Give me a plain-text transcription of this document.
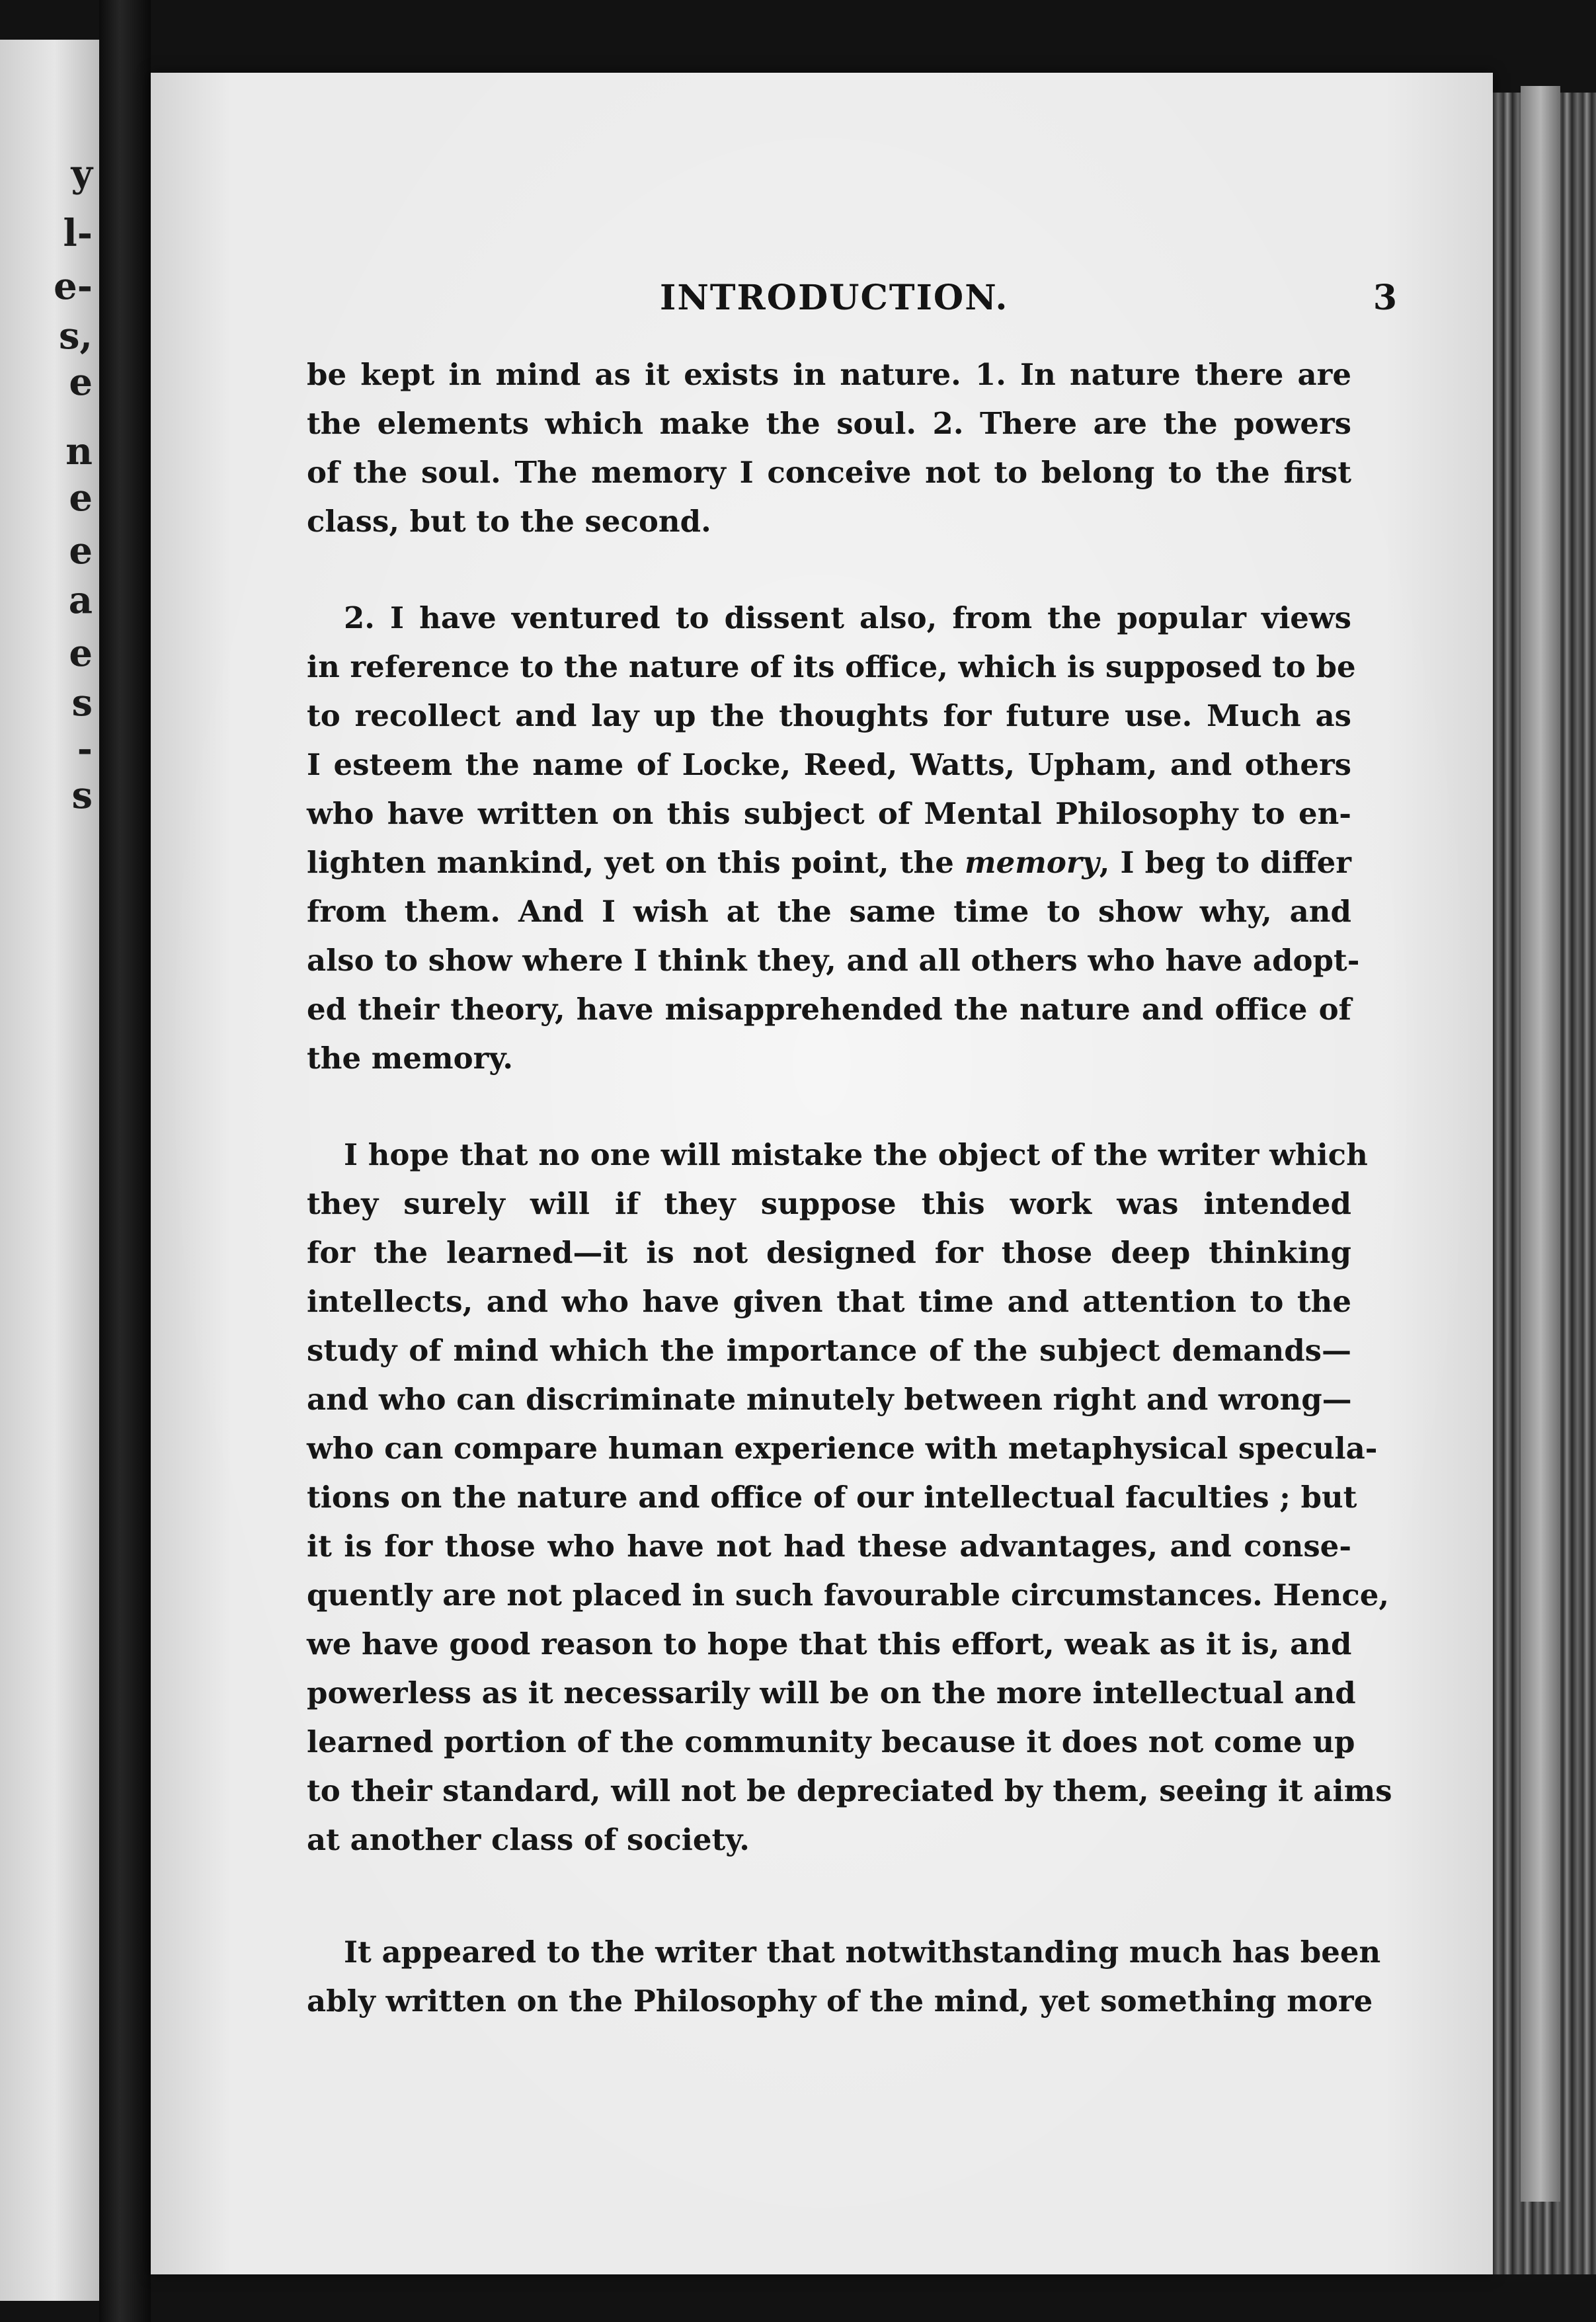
y
l-
e-
s,
e
n
e
e
a
e
s
-
s
INTRODUCTION.	3
be kept in mind as it exists in nature. 1. In nature there are
the elements which make the soul. 2. There are the powers
of the soul. The memory I conceive not to belong to the first
class, but to the second.
2. I have ventured to dissent also, from the popular views
in reference to the nature of its office, which is supposed to be
to recollect and lay up the thoughts for future use. Much as
I esteem the name of Locke, Reed, Watts, Upham, and others
who have written on this subject of Mental Philosophy to en-
lighten mankind, yet on this point, the memory, I beg to differ
from them. And I wish at the same time to show why, and
also to show where I think they, and all others who have adopt-
ed their theory, have misapprehended the nature and office of
the memory.
I hope that no one will mistake the object of the writer which
they surely will if they suppose this work was intended
for the learned—it is not designed for those deep thinking
intellects, and who have given that time and attention to the
study of mind which the importance of the subject demands—
and who can discriminate minutely between right and wrong—
who can compare human experience with metaphysical specula-
tions on the nature and office of our intellectual faculties ; but
it is for those who have not had these advantages, and conse-
quently are not placed in such favourable circumstances. Hence,
we have good reason to hope that this effort, weak as it is, and
powerless as it necessarily will be on the more intellectual and
learned portion of the community because it does not come up
to their standard, will not be depreciated by them, seeing it aims
at another class of society.
It appeared to the writer that notwithstanding much has been
ably written on the Philosophy of the mind, yet something more
